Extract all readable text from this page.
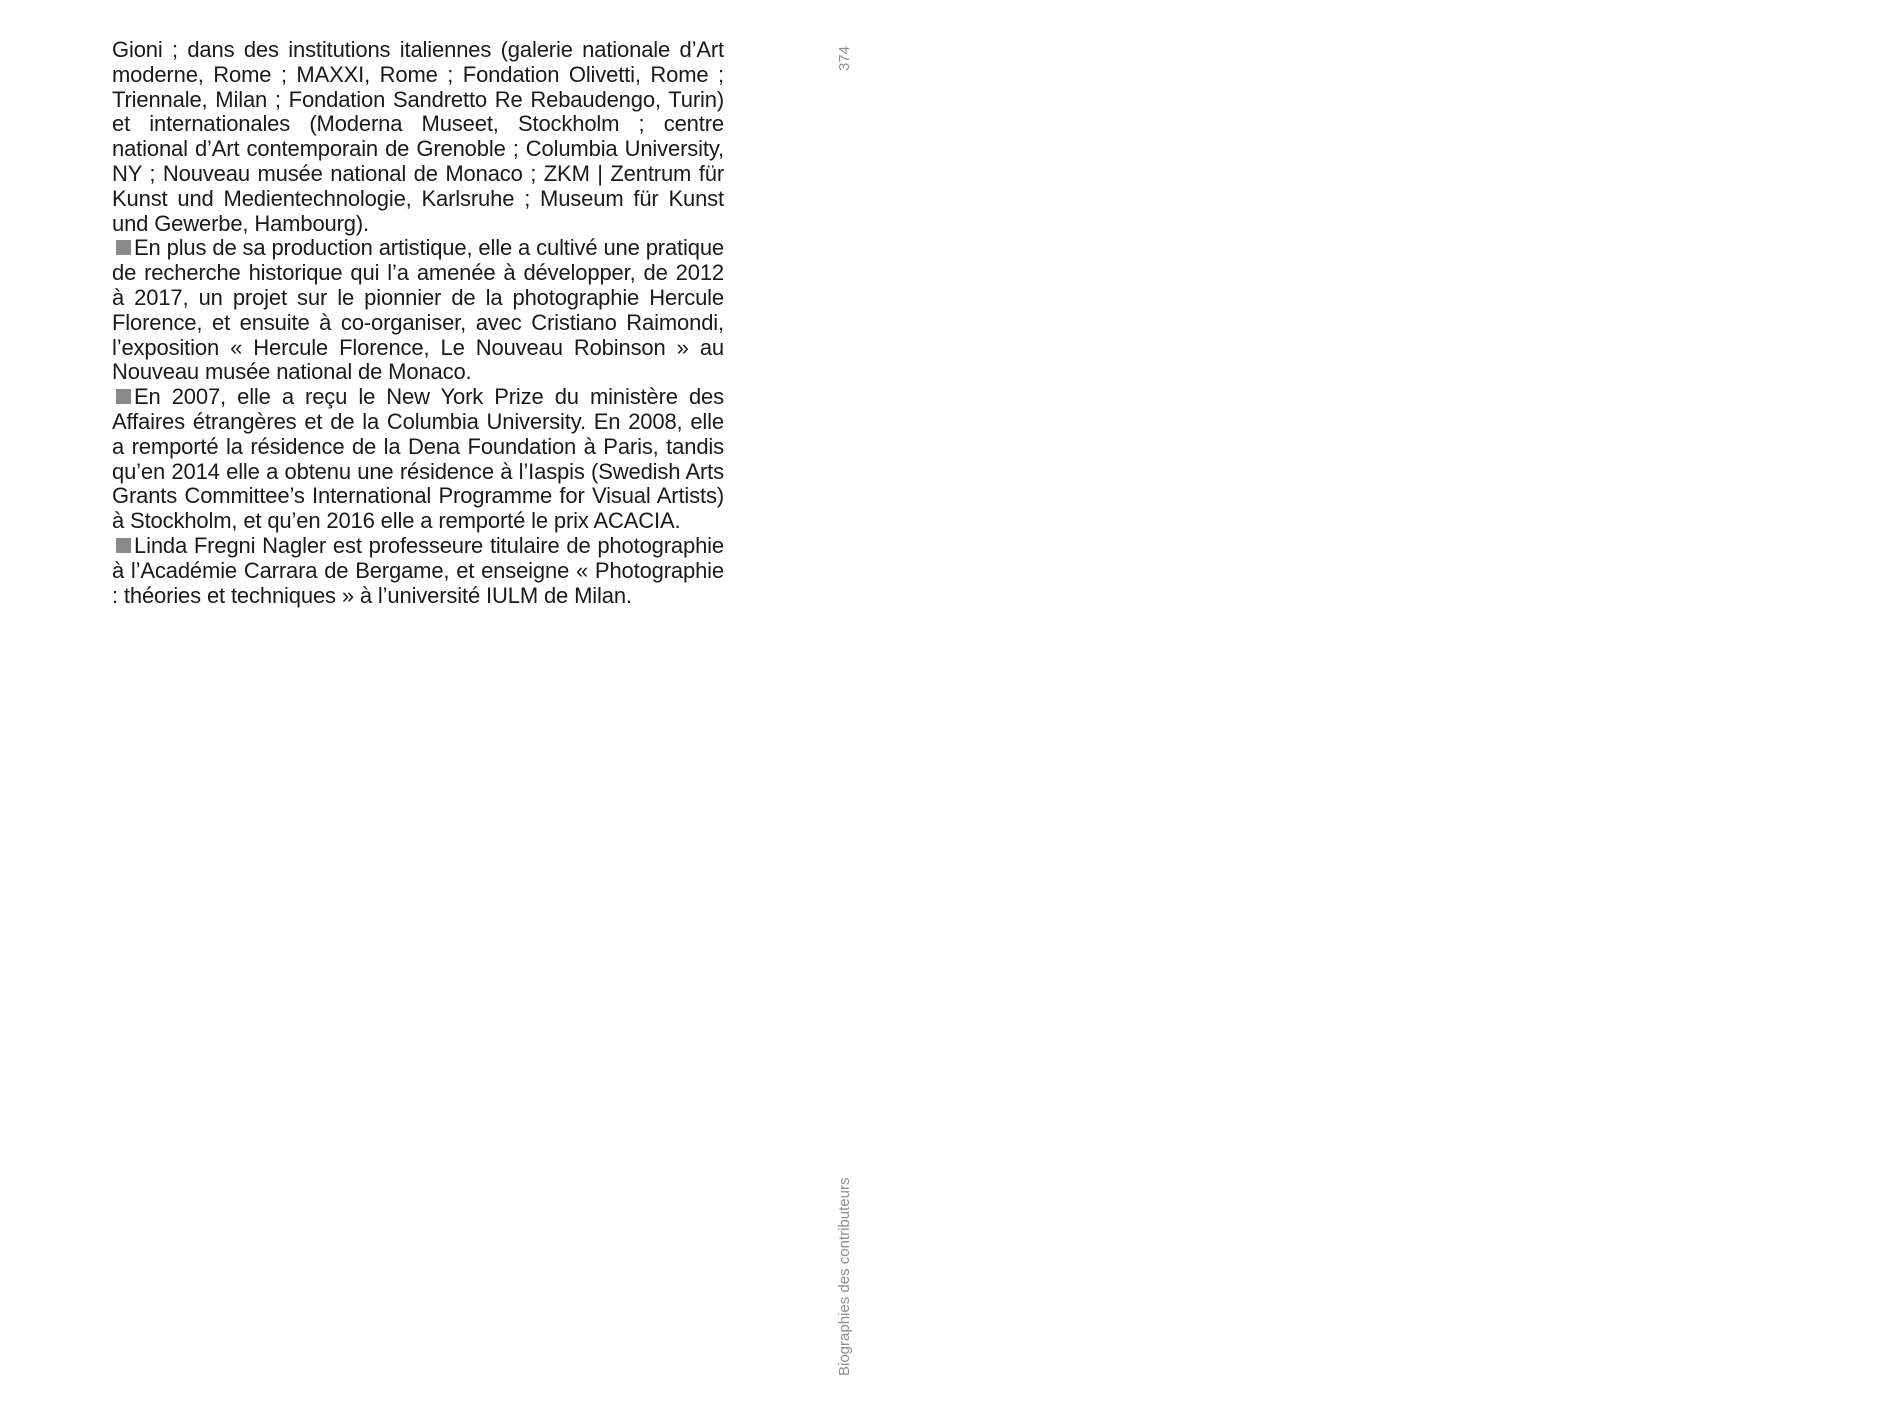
Gioni ; dans des institutions italiennes (galerie nationale d’Art moderne, Rome ; MAXXI, Rome ; Fondation Olivetti, Rome ; Triennale, Milan ; Fondation Sandretto Re Rebaudengo, Turin) et internationales (Moderna Museet, Stockholm ; centre national d’Art contemporain de Grenoble ; Columbia University, NY ; Nouveau musée national de Monaco ; ZKM | Zentrum für Kunst und Medientechnologie, Karlsruhe ; Museum für Kunst und Gewerbe, Hambourg).

En plus de sa production artistique, elle a cultivé une pratique de recherche historique qui l’a amenée à développer, de 2012 à 2017, un projet sur le pionnier de la photographie Hercule Florence, et ensuite à co-organiser, avec Cristiano Raimondi, l’exposition « Hercule Florence, Le Nouveau Robinson » au Nouveau musée national de Monaco.

En 2007, elle a reçu le New York Prize du ministère des Affaires étrangères et de la Columbia University. En 2008, elle a remporté la résidence de la Dena Foundation à Paris, tandis qu’en 2014 elle a obtenu une résidence à l’Iaspis (Swedish Arts Grants Committee’s International Programme for Visual Artists) à Stockholm, et qu’en 2016 elle a remporté le prix ACACIA.

Linda Fregni Nagler est professeure titulaire de photographie à l’Académie Carrara de Bergame, et enseigne « Photographie : théories et techniques » à l’université IULM de Milan.

374
Biographies des contributeurs
